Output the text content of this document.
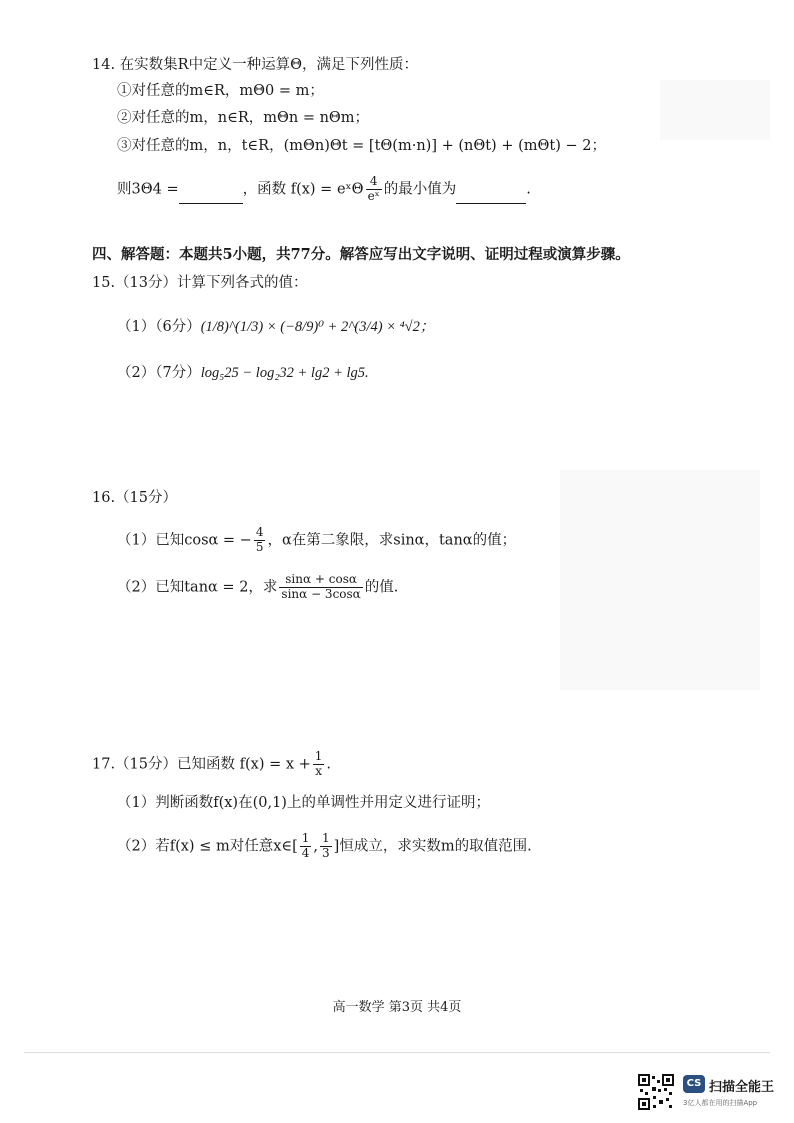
14. 在实数集R中定义一种运算Θ，满足下列性质：
①对任意的m∈R，mΘ0 = m；
②对任意的m，n∈R，mΘn = nΘm；
③对任意的m，n，t∈R，(mΘn)Θt = [tΘ(m·n)] + (nΘt) + (mΘt) − 2；
则3Θ4 =	，函数 f(x) = eˣΘ $\frac{4}{\text{eˣ}}$ 的最小值为	.
四、解答题：本题共5小题，共77分。解答应写出文字说明、证明过程或演算步骤。
15.（13分）计算下列各式的值：
（1）（6分）(1/8)^(1/3) × (−8/9)⁰ + 2^(3/4) × ⁴√2；
（2）（7分）log₅25 − log₂32 + lg2 + lg5.
16.（15分）
（1）已知cosα = − $\frac{4}{5}$ ，α在第二象限，求sinα，tanα的值；
（2）已知tanα = 2，求 $\frac{\sin\alpha + \cos\alpha}{\sin\alpha - 3\cos\alpha}$ 的值.
17.（15分）已知函数 $f(x) = x + \frac{1}{x}$ .
（1）判断函数f(x)在(0,1)上的单调性并用定义进行证明；
（2）若f(x) ≤ m对任意x∈[ $\frac{1}{4}$ , $\frac{1}{3}$ ]恒成立，求实数m的取值范围.
高一数学 第3页 共4页
CS 扫描全能王
3亿人都在用的扫描App
